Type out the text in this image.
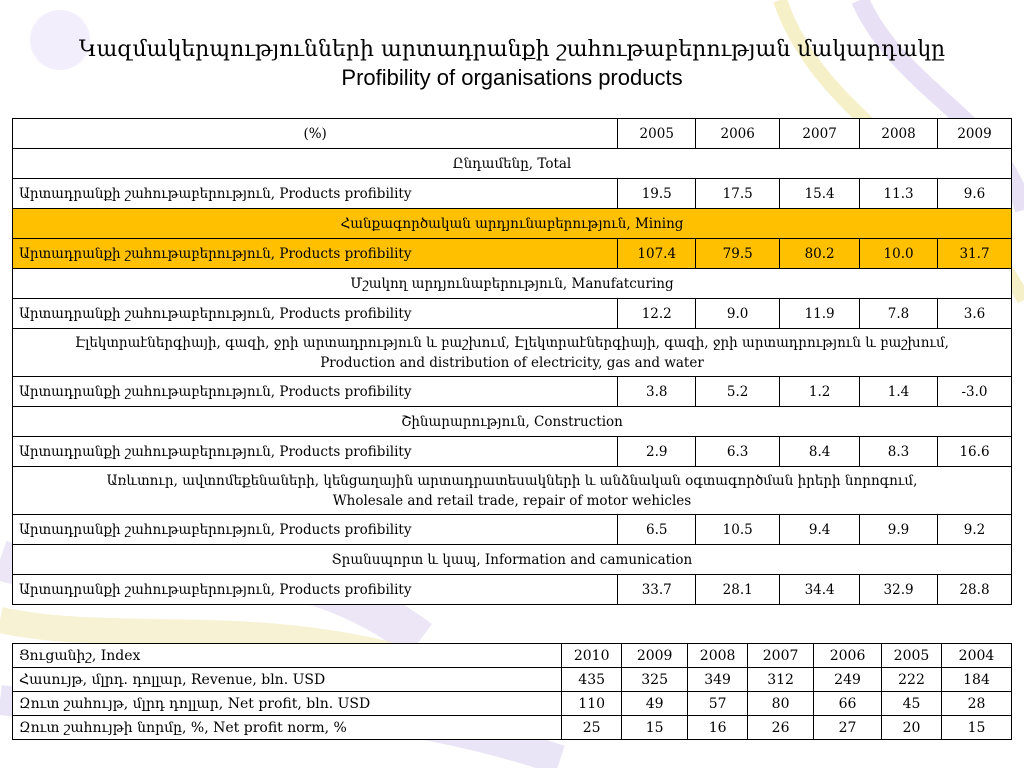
Կազմակերպությունների արտադրանքի շահութաբերության մակարդակը
Profibility of organisations products
(%)	2005	2006	2007	2008	2009

Ընդամենը, Total					

Արտադրանքի շահութաբերություն, Products profibility	19.5	17.5	15.4	11.3	9.6

Հանքագործական արդյունաբերություն, Mining					

Արտադրանքի շահութաբերություն, Products profibility	107.4	79.5	80.2	10.0	31.7

Մշակող արդյունաբերություն, Manufatcuring					

Արտադրանքի շահութաբերություն, Products profibility	12.2	9.0	11.9	7.8	3.6

Էլեկտրաէներգիայի, գազի, ջրի արտադրություն և բաշխում, Էլեկտրաէներգիայի, գազի, ջրի արտադրություն և բաշխում,
Production and distribution of electricity, gas and water					

Արտադրանքի շահութաբերություն, Products profibility	3.8	5.2	1.2	1.4	-3.0

Շինարարություն, Construction					

Արտադրանքի շահութաբերություն, Products profibility	2.9	6.3	8.4	8.3	16.6

Առևտուր, ավտոմեքենաների, կենցաղային արտադրատեսակների և անձնական օգտագործման իրերի նորոգում,
Wholesale and retail trade, repair of motor wehicles					

Արտադրանքի շահութաբերություն, Products profibility	6.5	10.5	9.4	9.9	9.2

Տրանսպորտ և կապ, Information and camunication					

Արտադրանքի շահութաբերություն, Products profibility	33.7	28.1	34.4	32.9	28.8
Ցուցանիշ, Index	2010	2009	2008	2007	2006	2005	2004
Հասույթ, մլրդ. դոլլար, Revenue, bln. USD	435	325	349	312	249	222	184
Զուտ շահույթ, մլրդ դոլլար, Net profit, bln. USD	110	49	57	80	66	45	28
Զուտ շահույթի նորմը, %, Net profit norm, %	25	15	16	26	27	20	15
